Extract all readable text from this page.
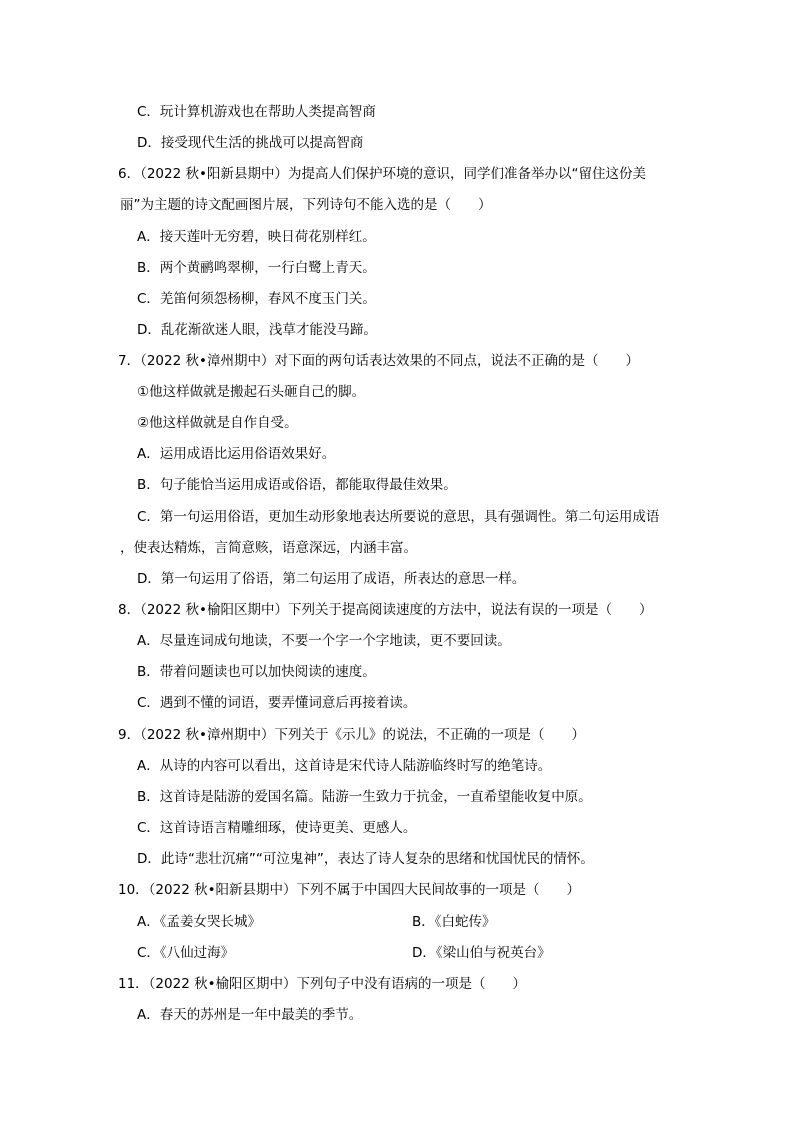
C．玩计算机游戏也在帮助人类提高智商
D．接受现代生活的挑战可以提高智商
6．（2022 秋•阳新县期中）为提高人们保护环境的意识，同学们准备举办以“留住这份美
丽”为主题的诗文配画图片展，下列诗句不能入选的是（　　）
A．接天莲叶无穷碧，映日荷花别样红。
B．两个黄鹂鸣翠柳，一行白鹭上青天。
C．羌笛何须怨杨柳，春风不度玉门关。
D．乱花渐欲迷人眼，浅草才能没马蹄。
7．（2022 秋•漳州期中）对下面的两句话表达效果的不同点，说法不正确的是（　　）
①他这样做就是搬起石头砸自己的脚。
②他这样做就是自作自受。
A．运用成语比运用俗语效果好。
B．句子能恰当运用成语或俗语，都能取得最佳效果。
C．第一句运用俗语，更加生动形象地表达所要说的意思，具有强调性。第二句运用成语
，使表达精炼，言简意赅，语意深远，内涵丰富。
D．第一句运用了俗语，第二句运用了成语，所表达的意思一样。
8．（2022 秋•榆阳区期中）下列关于提高阅读速度的方法中，说法有误的一项是（　　）
A．尽量连词成句地读，不要一个字一个字地读，更不要回读。
B．带着问题读也可以加快阅读的速度。
C．遇到不懂的词语，要弄懂词意后再接着读。
9．（2022 秋•漳州期中）下列关于《示儿》的说法，不正确的一项是（　　）
A．从诗的内容可以看出，这首诗是宋代诗人陆游临终时写的绝笔诗。
B．这首诗是陆游的爱国名篇。陆游一生致力于抗金，一直希望能收复中原。
C．这首诗语言精雕细琢，使诗更美、更感人。
D．此诗“悲壮沉痛”“可泣鬼神”，表达了诗人复杂的思绪和忧国忧民的情怀。
10．（2022 秋•阳新县期中）下列不属于中国四大民间故事的一项是（　　）
A．《孟姜女哭长城》	B．《白蛇传》
C．《八仙过海》	D．《梁山伯与祝英台》
11．（2022 秋•榆阳区期中）下列句子中没有语病的一项是（　　）
A．春天的苏州是一年中最美的季节。
